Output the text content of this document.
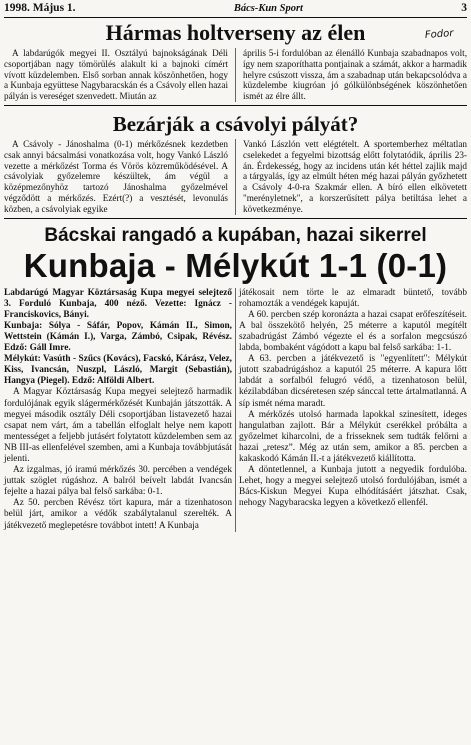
1998. Május 1.	Bács-Kun Sport	3
Hármas holtverseny az élen	Fodor

A labdarúgók megyei II. Osztályú bajnokságának Déli csoportjában nagy tömörülés alakult ki a bajnoki címért vívott küzdelemben. Első sorban annak köszönhetően, hogy a Kunbaja együttese Nagybaracskán és a Csávoly ellen hazai pályán is vereséget szenvedett. Miután az

április 5-i fordulóban az élenálló Kunbaja szabadnapos volt, így nem szaporíthatta pontjainak a számát, akkor a harmadik helyre csúszott vissza, ám a szabadnap után bekapcsolódva a küzdelembe kiugróan jó gólkülönbségének köszönhetően ismét az élre állt.

Bezárják a csávolyi pályát?

A Csávoly - Jánoshalma (0-1) mérkőzésnek kezdetben csak annyi bácsalmási vonatkozása volt, hogy Vankó László vezette a mérkőzést Torma és Vörös közreműködésével. A csávolyiak győzelemre készültek, ám végül a középmezőnyhöz tartozó Jánoshalma győzelmével végződött a mérkőzés. Ezért(?) a vesztését, levonulás közben, a csávolyiak egyike

Vankó Lászlón vett elégtételt. A sportemberhez méltatlan cselekedet a fegyelmi bizottság előtt folytatódik, április 23-án. Érdekesség, hogy az incidens után két héttel zajlik majd a tárgyalás, így az elmúlt héten még hazai pályán győzhetett a Csávoly 4-0-ra Szakmár ellen. A bíró ellen elkövetett "merényletnek", a korszerűsített pálya betiltása lehet a következménye.

Bácskai rangadó a kupában, hazai sikerrel
Kunbaja - Mélykút 1-1 (0-1)

Labdarúgó Magyar Köztársaság Kupa megyei selejtező 3. Forduló Kunbaja, 400 néző. Vezette: Ignácz - Franciskovics, Bányi.

Kunbaja: Sólya - Sáfár, Popov, Kámán II., Simon, Wettstein (Kámán I.), Varga, Zámbó, Csipak, Révész. Edző: Gáll Imre.

Mélykút: Vasúth - Szűcs (Kovács), Facskó, Kárász, Velez, Kiss, Ivancsán, Nuszpl, László, Margit (Sebastián), Hangya (Piegel). Edző: Alföldi Albert.

A Magyar Köztársaság Kupa megyei selejtező harmadik fordulójának egyik slágermérkőzését Kunbaján játszották. A megyei második osztály Déli csoportjában listavezető hazai csapat nem várt, ám a tabellán elfoglalt helye nem kapott mentességet a feljebb jutásért folytatott küzdelemben sem az NB III-as ellenfelével szemben, ami a Kunbaja továbbjutását jelenti.

Az izgalmas, jó iramú mérkőzés 30. percében a vendégek juttak szöglet rúgáshoz. A balról beívelt labdát Ivancsán fejelte a hazai pálya bal felső sarkába: 0-1.

Az 50. percben Révész tört kapura, már a tizenhatoson belül járt, amikor a védők szabálytalanul szerelték. A játékvezető meglepetésre továbbot intett! A Kunbaja

játékosait nem törte le az elmaradt büntető, tovább rohamozták a vendégek kapuját.

A 60. percben szép koronázta a hazai csapat erőfeszítéseit. A bal összekötő helyén, 25 méterre a kaputól megítélt szabadrúgást Zámbó végezte el és a sorfalon megcsúszó labda, bombaként vágódott a kapu bal felső sarkába: 1-1.

A 63. percben a játékvezető is "egyenlített": Mélykút jutott szabadrúgáshoz a kaputól 25 méterre. A kapura lőtt labdát a sorfalból felugró védő, a tizenhatoson belül, kézilabdában dicséretesen szép sánccal tette ártalmatlanná. A síp ismét néma maradt.

A mérkőzés utolsó harmada lapokkal szinesített, ideges hangulatban zajlott. Bár a Mélykút cserékkel próbálta a győzelmet kiharcolni, de a frisseknek sem tudták felőrni a hazai „retesz”. Még az után sem, amikor a 85. percben a kakaskodó Kámán II.-t a játékvezető kiállította.

A döntetlennel, a Kunbaja jutott a negyedik fordulóba. Lehet, hogy a megyei selejtező utolsó fordulójában, ismét a Bács-Kiskun Megyei Kupa elhódításáért játszhat. Csak, nehogy Nagybaracska legyen a következő ellenfél.
